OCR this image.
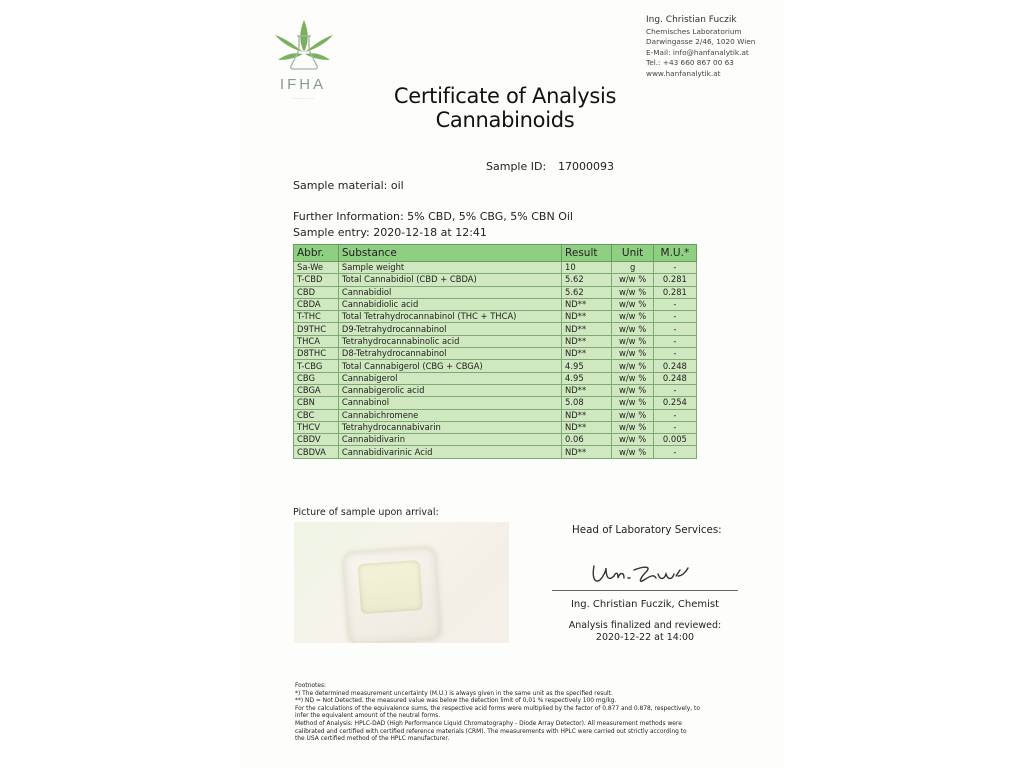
IFHA
———————
Ing. Christian Fuczik
Chemisches Laboratorium
Darwingasse 2/46, 1020 Wien
E-Mail: info@hanfanalytik.at
Tel.: +43 660 867 00 63
www.hanfanalytik.at
Certificate of Analysis
Cannabinoids
Sample ID: 17000093
Sample material: oil
Further Information: 5% CBD, 5% CBG, 5% CBN Oil
Sample entry: 2020-12-18 at 12:41
Abbr.	Substance	Result	Unit	M.U.*
Sa-We	Sample weight	10	g	-
T-CBD	Total Cannabidiol (CBD + CBDA)	5.62	w/w %	0.281
CBD	Cannabidiol	5.62	w/w %	0.281
CBDA	Cannabidiolic acid	ND**	w/w %	-
T-THC	Total Tetrahydrocannabinol (THC + THCA)	ND**	w/w %	-
D9THC	D9-Tetrahydrocannabinol	ND**	w/w %	-
THCA	Tetrahydrocannabinolic acid	ND**	w/w %	-
D8THC	D8-Tetrahydrocannabinol	ND**	w/w %	-
T-CBG	Total Cannabigerol (CBG + CBGA)	4.95	w/w %	0.248
CBG	Cannabigerol	4.95	w/w %	0.248
CBGA	Cannabigerolic acid	ND**	w/w %	-
CBN	Cannabinol	5.08	w/w %	0.254
CBC	Cannabichromene	ND**	w/w %	-
THCV	Tetrahydrocannabivarin	ND**	w/w %	-
CBDV	Cannabidivarin	0.06	w/w %	0.005
CBDVA	Cannabidivarinic Acid	ND**	w/w %	-
Picture of sample upon arrival:
Head of Laboratory Services:
Ing. Christian Fuczik, Chemist
Analysis finalized and reviewed:
2020-12-22 at 14:00

Footnotes:

*) The determined measurement uncertainty (M.U.) is always given in the same unit as the specified result.

**) ND = Not Detected. the measured value was below the detection limit of 0,01 % respectively 100 mg/kg.

For the calculations of the equivalence sums, the respective acid forms were multiplied by the factor of 0.877 and 0.878, respectively, to

infer the equivalent amount of the neutral forms.

Method of Analysis: HPLC-DAD (High Performance Liquid Chromatography - Diode Array Detector). All measurement methods were

calibrated and certified with certified reference materials (CRM). The measurements with HPLC were carried out strictly according to

the USA certified method of the HPLC manufacturer.
